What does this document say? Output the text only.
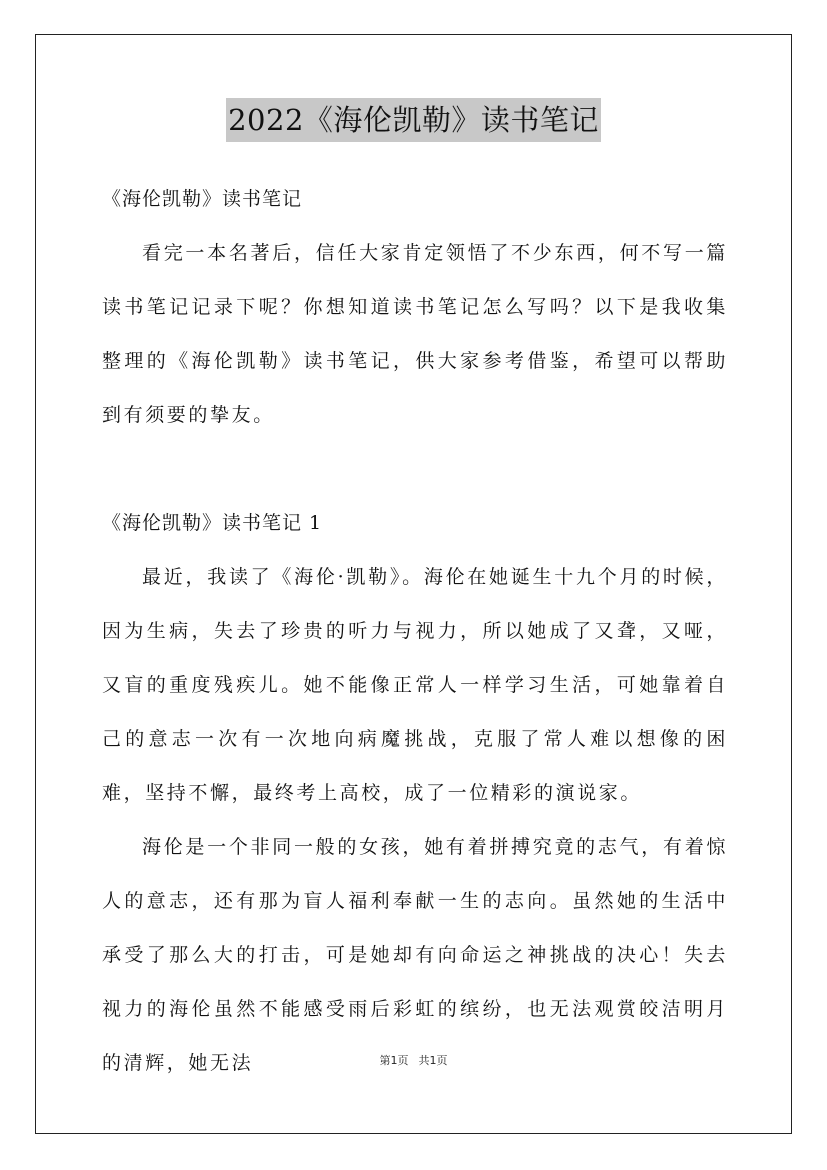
2022《海伦凯勒》读书笔记

《海伦凯勒》读书笔记

看完一本名著后，信任大家肯定领悟了不少东西，何不写一篇读书笔记记录下呢？你想知道读书笔记怎么写吗？以下是我收集整理的《海伦凯勒》读书笔记，供大家参考借鉴，希望可以帮助到有须要的挚友。

《海伦凯勒》读书笔记 1

最近，我读了《海伦·凯勒》。海伦在她诞生十九个月的时候，因为生病，失去了珍贵的听力与视力，所以她成了又聋，又哑，又盲的重度残疾儿。她不能像正常人一样学习生活，可她靠着自己的意志一次有一次地向病魔挑战，克服了常人难以想像的困难，坚持不懈，最终考上高校，成了一位精彩的演说家。

海伦是一个非同一般的女孩，她有着拼搏究竟的志气，有着惊人的意志，还有那为盲人福利奉献一生的志向。虽然她的生活中承受了那么大的打击，可是她却有向命运之神挑战的决心！失去视力的海伦虽然不能感受雨后彩虹的缤纷，也无法观赏皎洁明月的清辉，她无法	第1页 共1页
